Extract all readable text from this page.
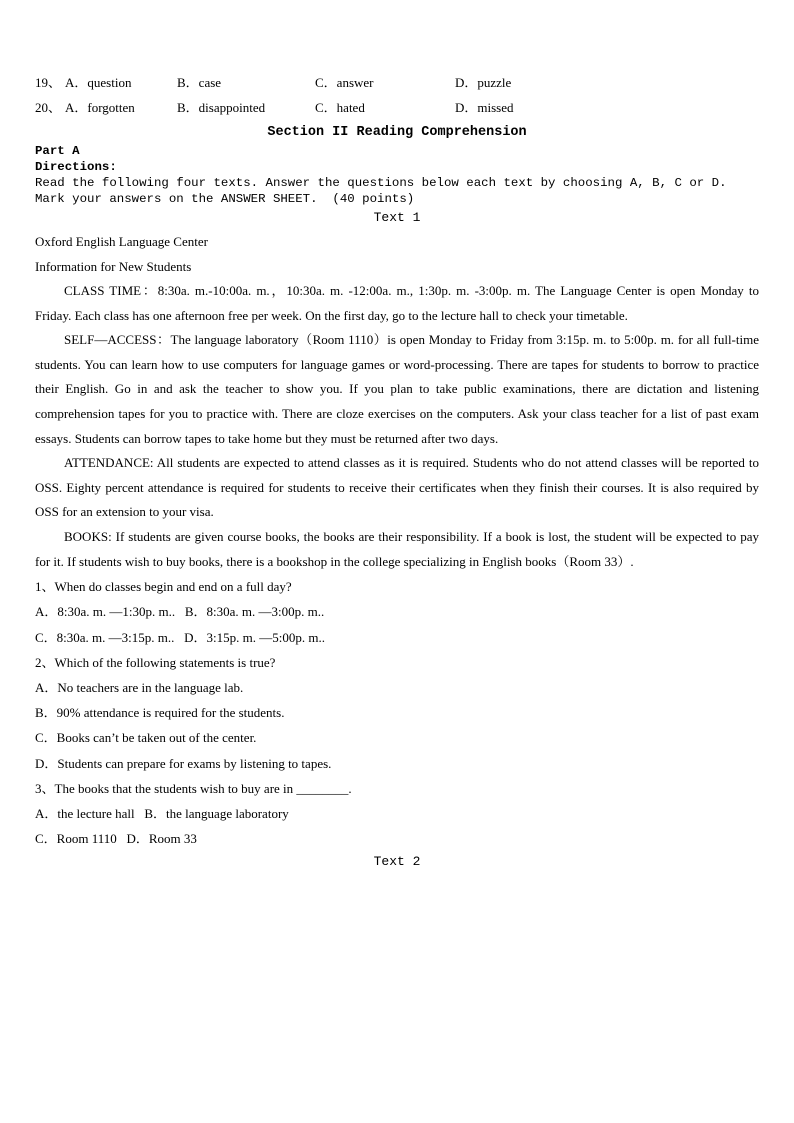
19、 A．question	B．case	C．answer	D．puzzle
20、 A．forgotten	B．disappointed	C．hated	D．missed
Section II Reading Comprehension
Part A
Directions:
Read the following four texts. Answer the questions below each text by choosing A, B, C or D. Mark your answers on the ANSWER SHEET.  (40 points)
Text 1
Oxford English Language Center
Information for New Students

CLASS TIME：8:30a. m.-10:00a. m.，10:30a. m. -12:00a. m., 1:30p. m. -3:00p. m. The Language Center is open Monday to Friday. Each class has one afternoon free per week. On the first day, go to the lecture hall to check your timetable.

SELF—ACCESS：The language laboratory（Room 1110）is open Monday to Friday from 3:15p. m. to 5:00p. m. for all full-time students. You can learn how to use computers for language games or word-processing. There are tapes for students to borrow to practice their English. Go in and ask the teacher to show you. If you plan to take public examinations, there are dictation and listening comprehension tapes for you to practice with. There are cloze exercises on the computers. Ask your class teacher for a list of past exam essays. Students can borrow tapes to take home but they must be returned after two days.

ATTENDANCE: All students are expected to attend classes as it is required. Students who do not attend classes will be reported to OSS. Eighty percent attendance is required for students to receive their certificates when they finish their courses. It is also required by OSS for an extension to your visa.

BOOKS: If students are given course books, the books are their responsibility. If a book is lost, the student will be expected to pay for it. If students wish to buy books, there is a bookshop in the college specializing in English books（Room 33）.

1、When do classes begin and end on a full day?
A．8:30a. m. —1:30p. m..   B．8:30a. m. —3:00p. m..
C．8:30a. m. —3:15p. m..   D．3:15p. m. —5:00p. m..
2、Which of the following statements is true?
A．No teachers are in the language lab.
B．90% attendance is required for the students.
C．Books can’t be taken out of the center.
D．Students can prepare for exams by listening to tapes.
3、The books that the students wish to buy are in ________.
A．the lecture hall   B．the language laboratory
C．Room 1110   D．Room 33
Text 2
